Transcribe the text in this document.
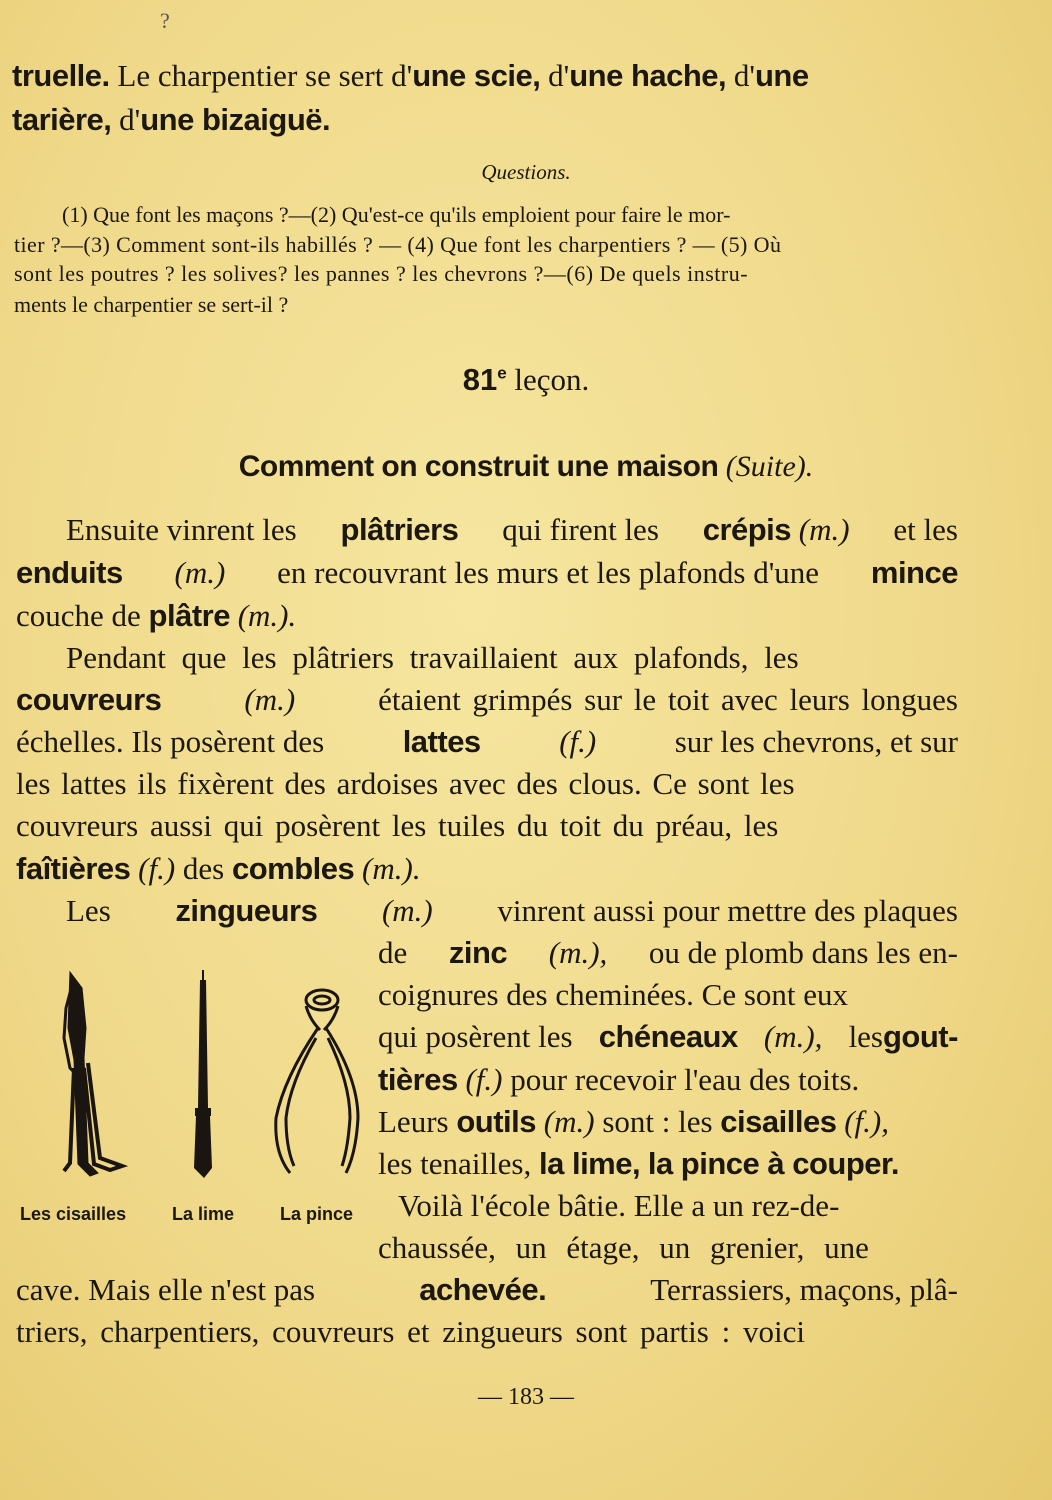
?
truelle. Le charpentier se sert d'une scie, d'une hache, d'une
tarière, d'une bizaiguë.
Questions.
(1) Que font les maçons ?—(2) Qu'est-ce qu'ils emploient pour faire le mor-
tier ?—(3) Comment sont-ils habillés ? — (4) Que font les charpentiers ? — (5) Où
sont les poutres ? les solives? les pannes ? les chevrons ?—(6) De quels instru-
ments le charpentier se sert-il ?
81e leçon.
Comment on construit une maison (Suite).
Ensuite vinrent les plâtriers qui firent les crépis (m.) et les
enduits (m.) en recouvrant les murs et les plafonds d'une mince
couche de plâtre (m.).
Pendant que les plâtriers travaillaient aux plafonds, les
couvreurs	(m.)	étaient grimpés sur le toit avec leurs longues
échelles. Ils posèrent des	lattes	(f.)	sur les chevrons, et sur
les lattes ils fixèrent des ardoises avec des clous. Ce sont les
couvreurs aussi qui posèrent les tuiles du toit du préau, les
faîtières (f.) des combles (m.).
Les zingueurs (m.) vinrent aussi pour mettre des plaques
de zinc (m.), ou de plomb dans les en-
coignures des cheminées. Ce sont eux
qui posèrent les chéneaux (m.), lesgout-
tières (f.) pour recevoir l'eau des toits.
Leurs outils (m.) sont : les cisailles (f.),
les tenailles, la lime, la pince à couper.
Voilà l'école bâtie. Elle a un rez-de-
chaussée, un étage, un grenier, une
cave. Mais elle n'est pas	achevée.	Terrassiers, maçons, plâ-
triers, charpentiers, couvreurs et zingueurs sont partis : voici
Les cisailles	La lime	La pince
— 183 —
